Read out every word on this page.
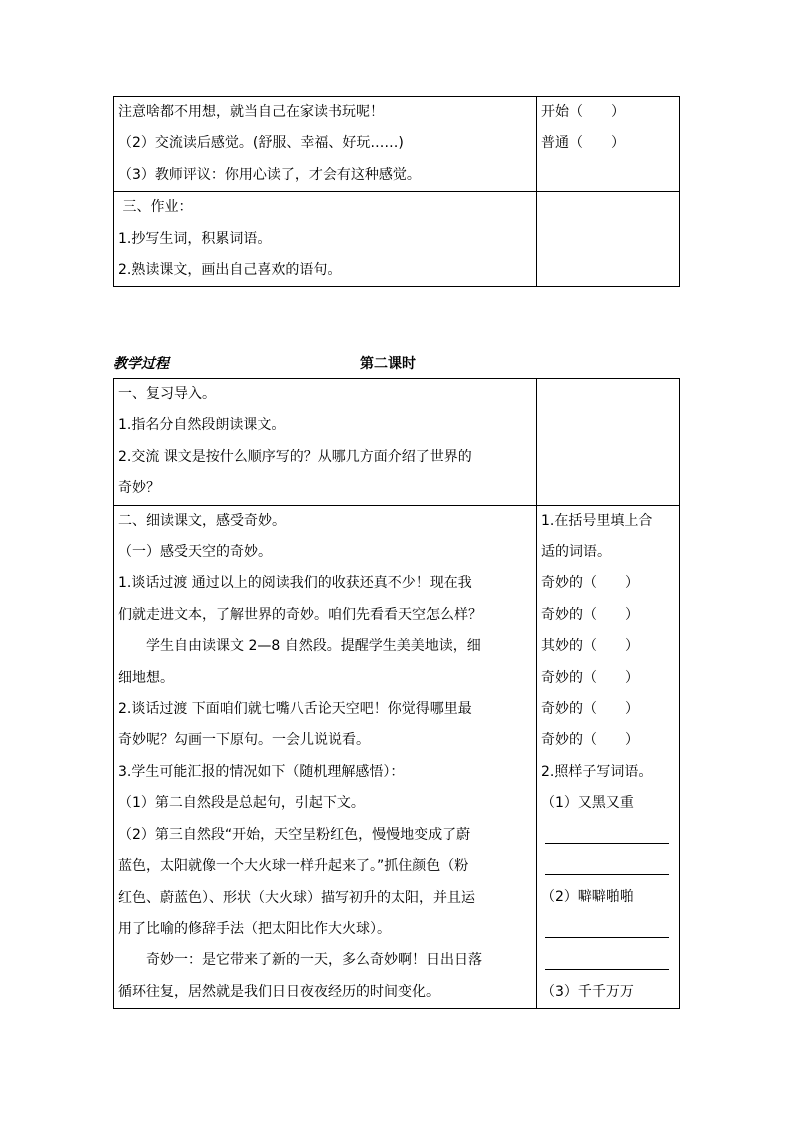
注意啥都不用想，就当自己在家读书玩呢！
（2）交流读后感觉。(舒服、幸福、好玩……)
（3）教师评议：你用心读了，才会有这种感觉。
开始（　　）
普通（　　）
三、作业：
1.抄写生词，积累词语。
2.熟读课文，画出自己喜欢的语句。
教学过程	第二课时
一、复习导入。
1.指名分自然段朗读课文。
2.交流 课文是按什么顺序写的？从哪几方面介绍了世界的
奇妙？
二、细读课文，感受奇妙。
（一）感受天空的奇妙。
1.谈话过渡 通过以上的阅读我们的收获还真不少！现在我
们就走进文本，了解世界的奇妙。咱们先看看天空怎么样？
学生自由读课文 2—8 自然段。提醒学生美美地读，细
细地想。
2.谈话过渡 下面咱们就七嘴八舌论天空吧！你觉得哪里最
奇妙呢？勾画一下原句。一会儿说说看。
3.学生可能汇报的情况如下（随机理解感悟）：
（1）第二自然段是总起句，引起下文。
（2）第三自然段“开始，天空呈粉红色，慢慢地变成了蔚
蓝色，太阳就像一个大火球一样升起来了。”抓住颜色（粉
红色、蔚蓝色）、形状（大火球）描写初升的太阳，并且运
用了比喻的修辞手法（把太阳比作大火球）。
奇妙一：是它带来了新的一天，多么奇妙啊！日出日落
循环往复，居然就是我们日日夜夜经历的时间变化。
1.在括号里填上合
适的词语。
奇妙的（　　）
奇妙的（　　）
其妙的（　　）
奇妙的（　　）
奇妙的（　　）
奇妙的（　　）
2.照样子写词语。
（1）又黑又重
（2）噼噼啪啪
（3）千千万万
